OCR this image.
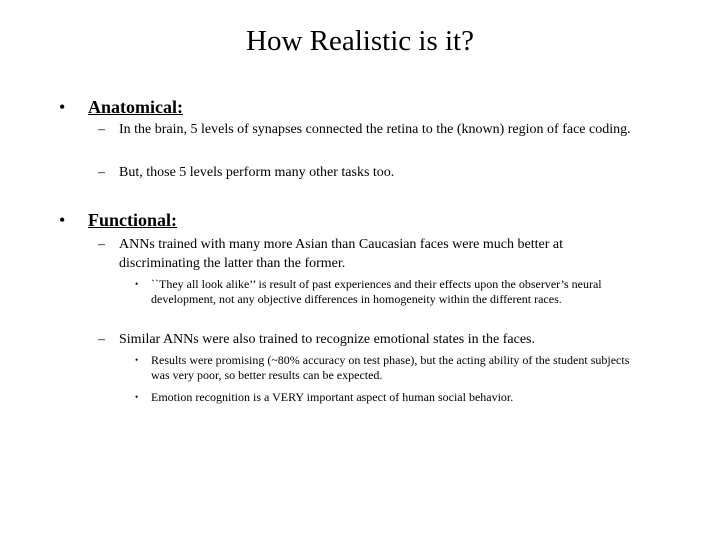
How Realistic is it?
• Anatomical:
– In the brain, 5 levels of synapses connected the retina to the (known) region of face coding.
– But, those 5 levels perform many other tasks too.
• Functional:
– ANNs trained with many more Asian than Caucasian faces were much better at discriminating the latter than the former.
• ``They all look alike’’ is result of past experiences and their effects upon the observer’s neural development, not any objective differences in homogeneity within the different races.
– Similar ANNs were also trained to recognize emotional states in the faces.
• Results were promising (~80% accuracy on test phase), but the acting ability of the student subjects was very poor, so better results can be expected.
• Emotion recognition is a VERY important aspect of human social behavior.
